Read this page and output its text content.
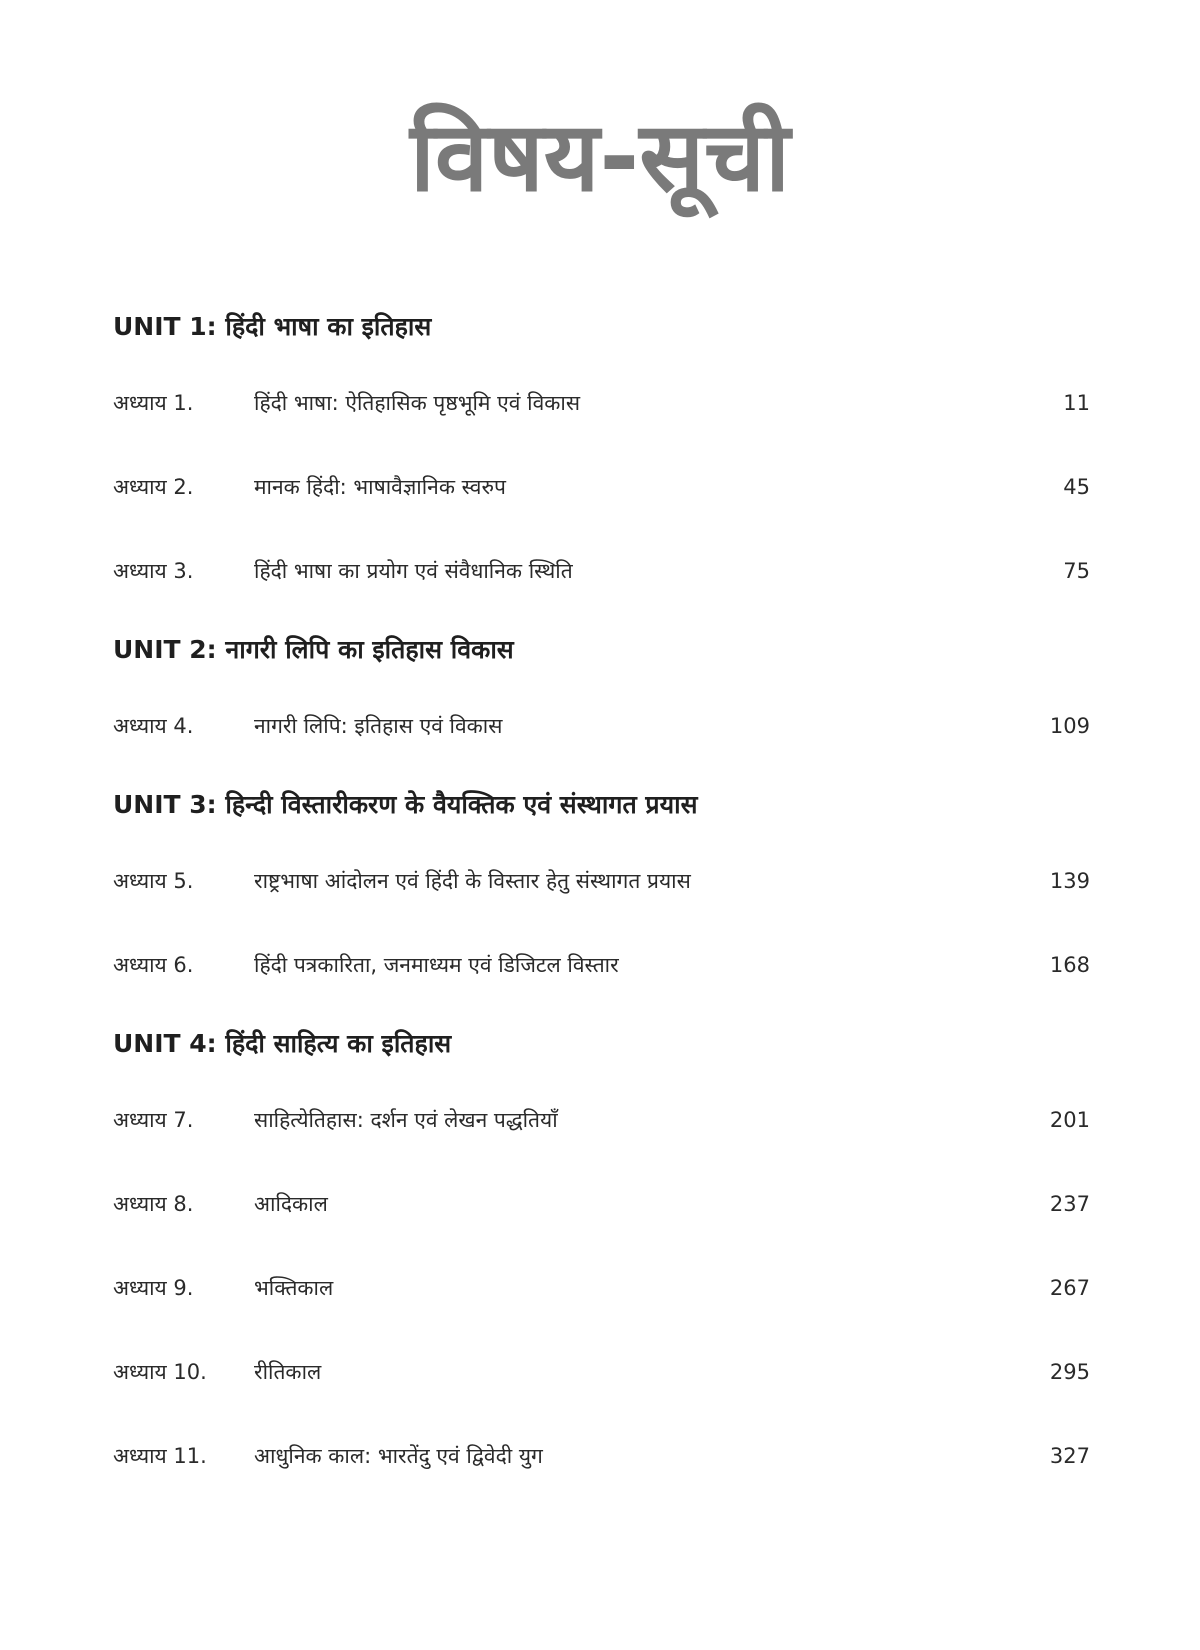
विषय-सूची
UNIT 1: हिंदी भाषा का इतिहास
अध्याय 1.	हिंदी भाषा: ऐतिहासिक पृष्ठभूमि एवं विकास	11
अध्याय 2.	मानक हिंदी: भाषावैज्ञानिक स्वरुप	45
अध्याय 3.	हिंदी भाषा का प्रयोग एवं संवैधानिक स्थिति	75
UNIT 2: नागरी लिपि का इतिहास विकास
अध्याय 4.	नागरी लिपि: इतिहास एवं विकास	109
UNIT 3: हिन्दी विस्तारीकरण के वैयक्तिक एवं संस्थागत प्रयास
अध्याय 5.	राष्ट्रभाषा आंदोलन एवं हिंदी के विस्तार हेतु संस्थागत प्रयास	139
अध्याय 6.	हिंदी पत्रकारिता, जनमाध्यम एवं डिजिटल विस्तार	168
UNIT 4: हिंदी साहित्य का इतिहास
अध्याय 7.	साहित्येतिहास: दर्शन एवं लेखन पद्धतियाँ	201
अध्याय 8.	आदिकाल	237
अध्याय 9.	भक्तिकाल	267
अध्याय 10. रीतिकाल	295
अध्याय 11. आधुनिक काल: भारतेंदु एवं द्विवेदी युग	327
